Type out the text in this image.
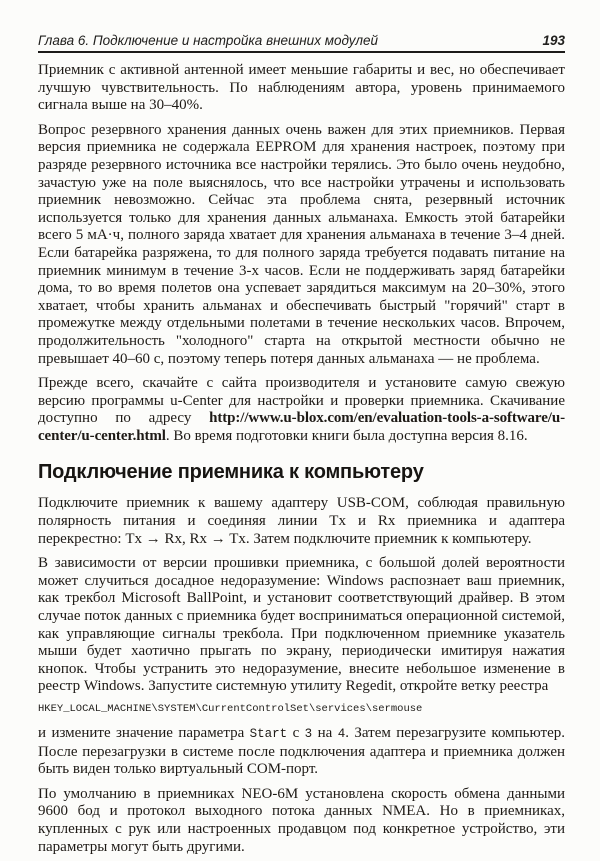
Глава 6. Подключение и настройка внешних модулей	193

Приемник с активной антенной имеет меньшие габариты и вес, но обеспечивает лучшую чувствительность. По наблюдениям автора, уровень принимаемого сигнала выше на 30–40%.

Вопрос резервного хранения данных очень важен для этих приемников. Первая версия приемника не содержала EEPROM для хранения настроек, поэтому при разряде резервного источника все настройки терялись. Это было очень неудобно, зачастую уже на поле выяснялось, что все настройки утрачены и использовать приемник невозможно. Сейчас эта проблема снята, резервный источник используется только для хранения данных альманаха. Емкость этой батарейки всего 5 мА·ч, полного заряда хватает для хранения альманаха в течение 3–4 дней. Если батарейка разряжена, то для полного заряда требуется подавать питание на приемник минимум в течение 3-х часов. Если не поддерживать заряд батарейки дома, то во время полетов она успевает зарядиться максимум на 20–30%, этого хватает, чтобы хранить альманах и обеспечивать быстрый "горячий" старт в промежутке между отдельными полетами в течение нескольких часов. Впрочем, продолжительность "холодного" старта на открытой местности обычно не превышает 40–60 с, поэтому теперь потеря данных альманаха — не проблема.

Прежде всего, скачайте с сайта производителя и установите самую свежую версию программы u-Center для настройки и проверки приемника. Скачивание доступно по адресу http://www.u-blox.com/en/evaluation-tools-a-software/u-center/u-center.html. Во время подготовки книги была доступна версия 8.16.

Подключение приемника к компьютеру

Подключите приемник к вашему адаптеру USB-COM, соблюдая правильную полярность питания и соединяя линии Tx и Rx приемника и адаптера перекрестно: Tx → Rx, Rx → Tx. Затем подключите приемник к компьютеру.

В зависимости от версии прошивки приемника, с большой долей вероятности может случиться досадное недоразумение: Windows распознает ваш приемник, как трекбол Microsoft BallPoint, и установит соответствующий драйвер. В этом случае поток данных с приемника будет восприниматься операционной системой, как управляющие сигналы трекбола. При подключенном приемнике указатель мыши будет хаотично прыгать по экрану, периодически имитируя нажатия кнопок. Чтобы устранить это недоразумение, внесите небольшое изменение в реестр Windows. Запустите системную утилиту Regedit, откройте ветку реестра

HKEY_LOCAL_MACHINE\SYSTEM\CurrentControlSet\services\sermouse

и измените значение параметра Start с 3 на 4. Затем перезагрузите компьютер. После перезагрузки в системе после подключения адаптера и приемника должен быть виден только виртуальный COM-порт.

По умолчанию в приемниках NEO-6M установлена скорость обмена данными 9600 бод и протокол выходного потока данных NMEA. Но в приемниках, купленных с рук или настроенных продавцом под конкретное устройство, эти параметры могут быть другими.
